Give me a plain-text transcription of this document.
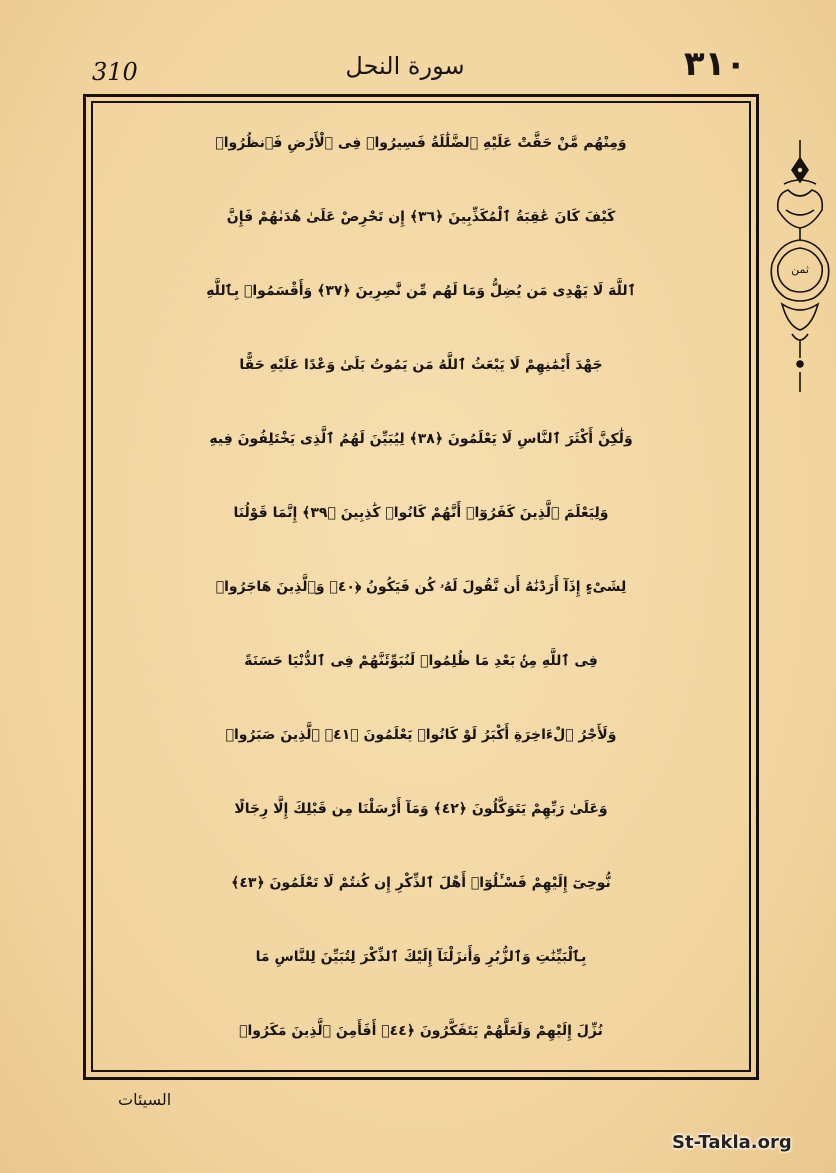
310	سورة النحل	٣١٠
وَمِنْهُم مَّنْ حَقَّتْ عَلَيْهِ ٱلضَّلَٰلَةُ فَسِيرُوا۟ فِى ٱلْأَرْضِ فَٱنظُرُوا۟
كَيْفَ كَانَ عَٰقِبَةُ ٱلْمُكَذِّبِينَ ﴿٣٦﴾ إِن تَحْرِصْ عَلَىٰ هُدَىٰهُمْ فَإِنَّ
ٱللَّهَ لَا يَهْدِى مَن يُضِلُّ وَمَا لَهُم مِّن نَّٰصِرِينَ ﴿٣٧﴾ وَأَقْسَمُوا۟ بِٱللَّهِ
جَهْدَ أَيْمَٰنِهِمْ لَا يَبْعَثُ ٱللَّهُ مَن يَمُوتُ بَلَىٰ وَعْدًا عَلَيْهِ حَقًّا
وَلَٰكِنَّ أَكْثَرَ ٱلنَّاسِ لَا يَعْلَمُونَ ﴿٣٨﴾ لِيُبَيِّنَ لَهُمُ ٱلَّذِى يَخْتَلِفُونَ فِيهِ
وَلِيَعْلَمَ ٱلَّذِينَ كَفَرُوٓا۟ أَنَّهُمْ كَانُوا۟ كَٰذِبِينَ ﴿٣٩﴾ إِنَّمَا قَوْلُنَا
لِشَىْءٍ إِذَآ أَرَدْنَٰهُ أَن نَّقُولَ لَهُۥ كُن فَيَكُونُ ﴿٤٠﴾ وَٱلَّذِينَ هَاجَرُوا۟
فِى ٱللَّهِ مِنۢ بَعْدِ مَا ظُلِمُوا۟ لَنُبَوِّئَنَّهُمْ فِى ٱلدُّنْيَا حَسَنَةً
وَلَأَجْرُ ٱلْءَاخِرَةِ أَكْبَرُ لَوْ كَانُوا۟ يَعْلَمُونَ ﴿٤١﴾ ٱلَّذِينَ صَبَرُوا۟
وَعَلَىٰ رَبِّهِمْ يَتَوَكَّلُونَ ﴿٤٢﴾ وَمَآ أَرْسَلْنَا مِن قَبْلِكَ إِلَّا رِجَالًا
نُّوحِىٓ إِلَيْهِمْ فَسْـَٔلُوٓا۟ أَهْلَ ٱلذِّكْرِ إِن كُنتُمْ لَا تَعْلَمُونَ ﴿٤٣﴾
بِٱلْبَيِّنَٰتِ وَٱلزُّبُرِ وَأَنزَلْنَآ إِلَيْكَ ٱلذِّكْرَ لِتُبَيِّنَ لِلنَّاسِ مَا
نُزِّلَ إِلَيْهِمْ وَلَعَلَّهُمْ يَتَفَكَّرُونَ ﴿٤٤﴾ أَفَأَمِنَ ٱلَّذِينَ مَكَرُوا۟
ثمن
السيئات
St-Takla.org
